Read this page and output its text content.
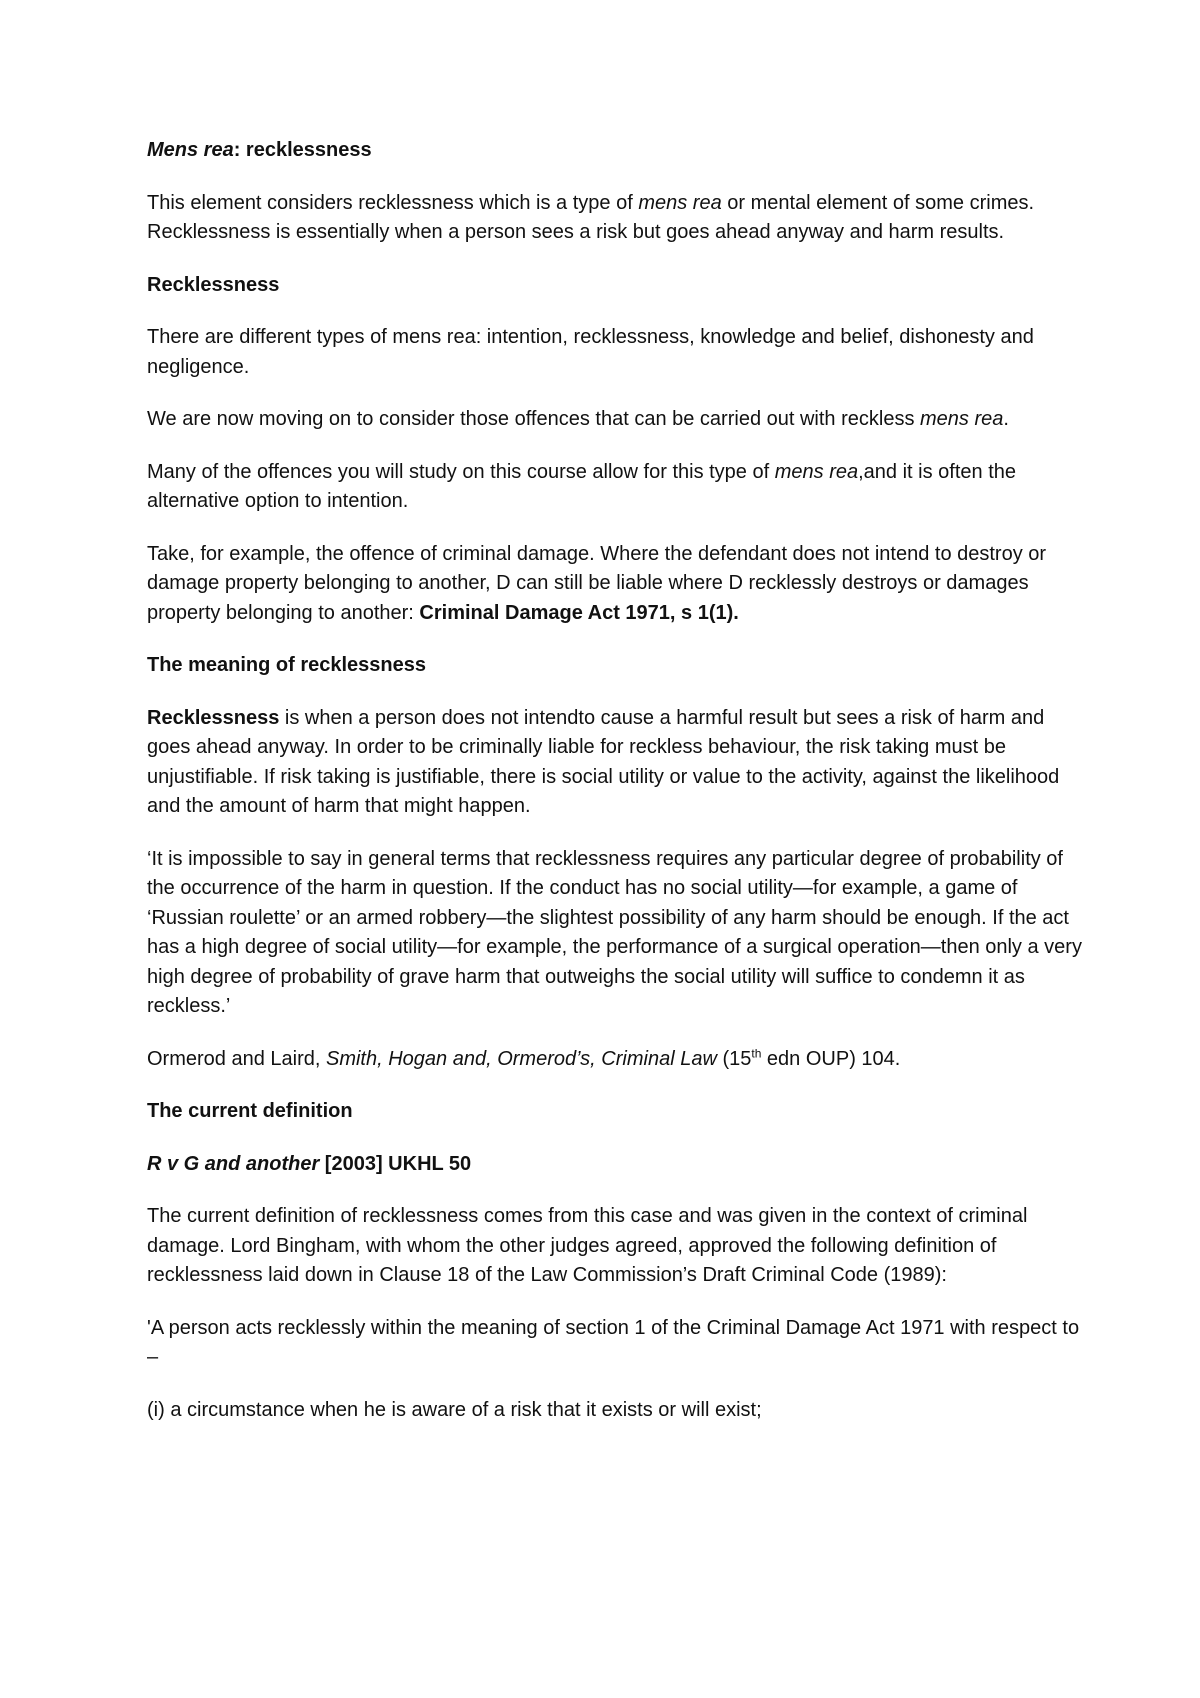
Mens rea: recklessness

This element considers recklessness which is a type of mens rea or mental element of some crimes. Recklessness is essentially when a person sees a risk but goes ahead anyway and harm results.

Recklessness

There are different types of mens rea: intention, recklessness, knowledge and belief, dishonesty and negligence.

We are now moving on to consider those offences that can be carried out with reckless mens rea.

Many of the offences you will study on this course allow for this type of mens rea,and it is often the alternative option to intention.

Take, for example, the offence of criminal damage. Where the defendant does not intend to destroy or damage property belonging to another, D can still be liable where D recklessly destroys or damages property belonging to another: Criminal Damage Act 1971, s 1(1).

The meaning of recklessness

Recklessness is when a person does not intendto cause a harmful result but sees a risk of harm and goes ahead anyway. In order to be criminally liable for reckless behaviour, the risk taking must be unjustifiable. If risk taking is justifiable, there is social utility or value to the activity, against the likelihood and the amount of harm that might happen.

‘It is impossible to say in general terms that recklessness requires any particular degree of probability of the occurrence of the harm in question. If the conduct has no social utility—for example, a game of ‘Russian roulette’ or an armed robbery—the slightest possibility of any harm should be enough. If the act has a high degree of social utility—for example, the performance of a surgical operation—then only a very high degree of probability of grave harm that outweighs the social utility will suffice to condemn it as reckless.’

Ormerod and Laird, Smith, Hogan and, Ormerod’s, Criminal Law (15th edn OUP) 104.

The current definition

R v G and another [2003] UKHL 50

The current definition of recklessness comes from this case and was given in the context of criminal damage. Lord Bingham, with whom the other judges agreed, approved the following definition of recklessness laid down in Clause 18 of the Law Commission’s Draft Criminal Code (1989):

'A person acts recklessly within the meaning of section 1 of the Criminal Damage Act 1971 with respect to –

(i) a circumstance when he is aware of a risk that it exists or will exist;
